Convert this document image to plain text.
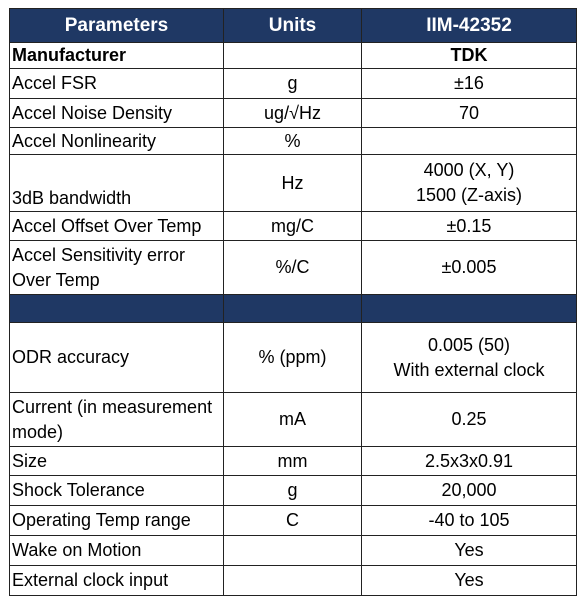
Parameters	Units	IIM-42352
Manufacturer		TDK

Accel FSR	g	±16

Accel Noise Density	ug/√Hz	70

Accel Nonlinearity	%	

3dB bandwidth	Hz	4000 (X, Y)
1500 (Z-axis)

Accel Offset Over Temp	mg/C	±0.15

Accel Sensitivity error Over Temp	%/C	±0.005

ODR accuracy	% (ppm)	0.005 (50)
With external clock

Current (in measurement mode)	mA	0.25

Size	mm	2.5x3x0.91

Shock Tolerance	g	20,000

Operating Temp range	C	-40 to 105

Wake on Motion		Yes

External clock input		Yes
